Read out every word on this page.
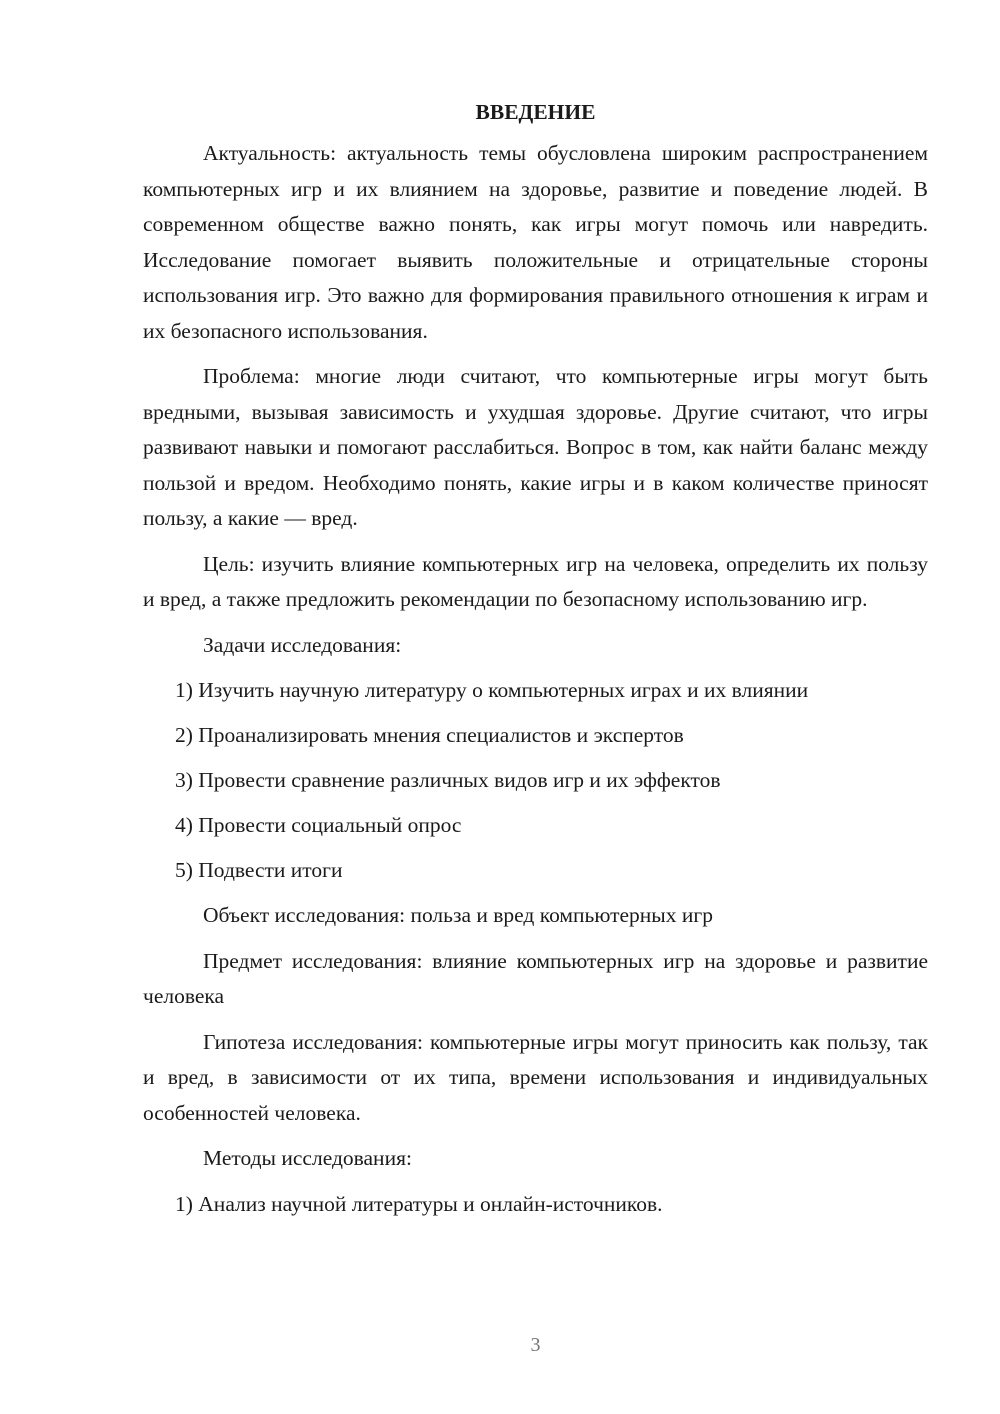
ВВЕДЕНИЕ

Актуальность: актуальность темы обусловлена широким распространением компьютерных игр и их влиянием на здоровье, развитие и поведение людей. В современном обществе важно понять, как игры могут помочь или навредить. Исследование помогает выявить положительные и отрицательные стороны использования игр. Это важно для формирования правильного отношения к играм и их безопасного использования.

Проблема: многие люди считают, что компьютерные игры могут быть вредными, вызывая зависимость и ухудшая здоровье. Другие считают, что игры развивают навыки и помогают расслабиться. Вопрос в том, как найти баланс между пользой и вредом. Необходимо понять, какие игры и в каком количестве приносят пользу, а какие — вред.

Цель: изучить влияние компьютерных игр на человека, определить их пользу и вред, а также предложить рекомендации по безопасному использованию игр.

Задачи исследования:

1) Изучить научную литературу о компьютерных играх и их влиянии
2) Проанализировать мнения специалистов и экспертов
3) Провести сравнение различных видов игр и их эффектов
4) Провести социальный опрос
5) Подвести итоги

Объект исследования: польза и вред компьютерных игр

Предмет исследования: влияние компьютерных игр на здоровье и развитие человека

Гипотеза исследования: компьютерные игры могут приносить как пользу, так и вред, в зависимости от их типа, времени использования и индивидуальных особенностей человека.

Методы исследования:

1) Анализ научной литературы и онлайн-источников.
3
